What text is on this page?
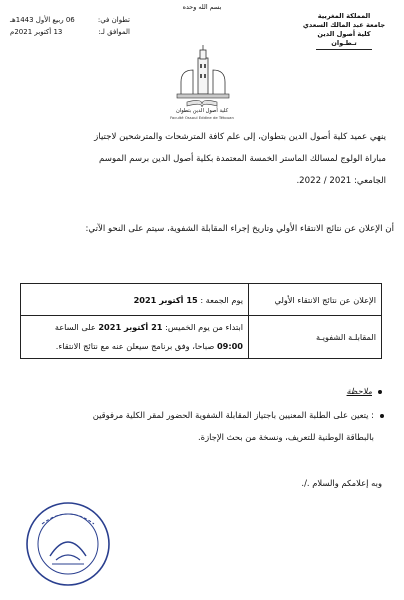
بسم الله وحده
المملكة المغربية
جامعة عبد المالك السعدي
كلية أصول الدين
تـطـوان
تطوان في:
06 ربيع الأول 1443هـ
الموافق لـ:
13 أكتوبر 2021م
كلية أصول الدين بتطوان
Faculté Ossoul Eddine de Tétouan

ينهي عميد كلية أصول الدين بتطوان، إلى علم كافة المترشحات والمترشحين لاجتياز

مباراة الولوج لمسالك الماستر الخمسة المعتمدة بكلية أصول الدين برسم الموسم

الجامعي: 2021 / 2022.

أن الإعلان عن نتائج الانتقاء الأولي وتاريخ إجراء المقابلة الشفوية، سيتم على النحو الآتي:
الإعلان عن نتائج الانتقاء الأولي	يوم الجمعة : 15 أكتوبر 2021
المقابلـة الشفويـة	ابتداء من يوم الخميس: 21 أكتوبر 2021 على الساعة
09:00 صباحا، وفق برنامج سيعلن عنه مع نتائج الانتقاء.
ملاحظة
: يتعين على الطلبة المعنيين باجتياز المقابلة الشفوية الحضور لمقر الكلية مرفوقين
بالبطاقة الوطنية للتعريف، ونسخة من بحث الإجازة.
وبه إعلامكم والسلام ./.
